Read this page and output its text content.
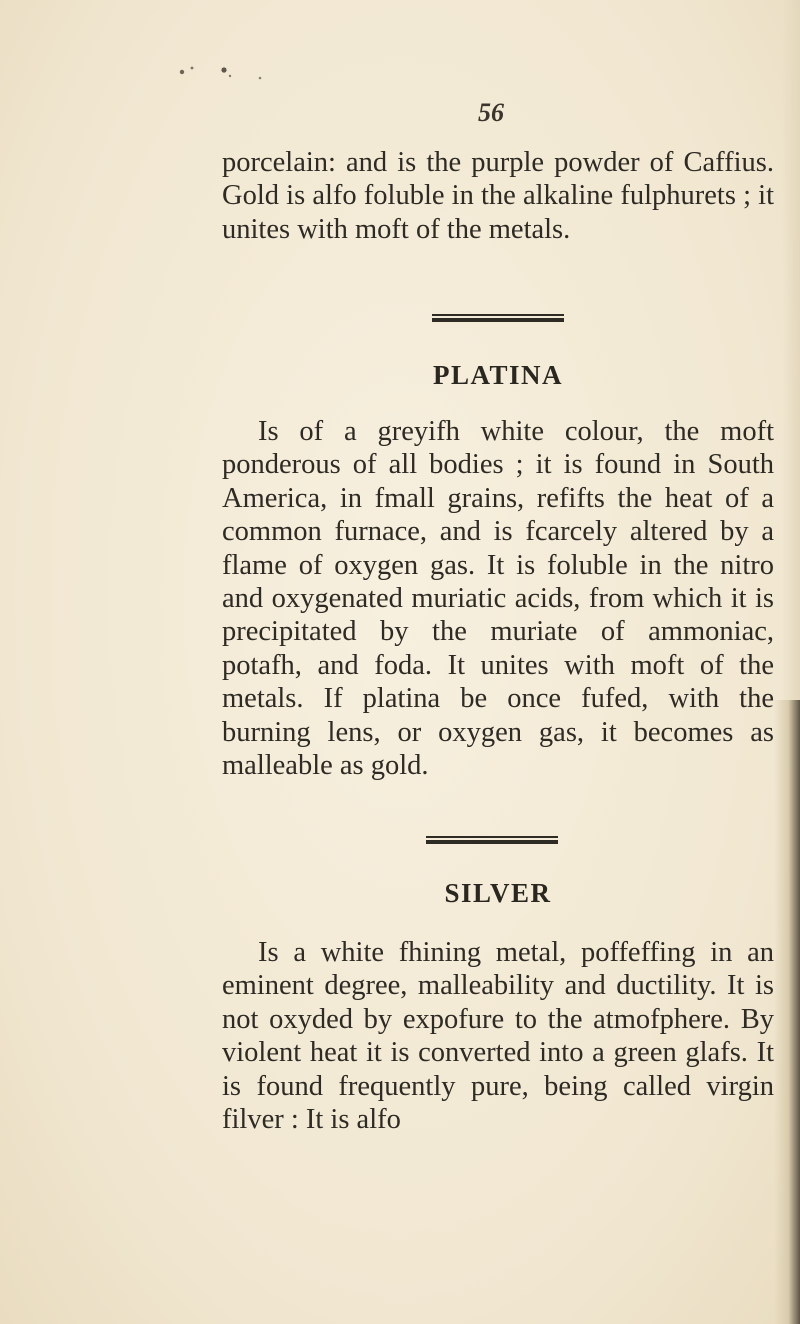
56

porcelain: and is the purple powder of Caffius. Gold is alfo foluble in the alkaline fulphurets ; it unites with moft of the metals.

PLATINA

Is of a greyifh white colour, the moft ponderous of all bodies ; it is found in South America, in fmall grains, refifts the heat of a common furnace, and is fcarcely altered by a flame of oxygen gas. It is foluble in the nitro and oxygenated muriatic acids, from which it is precipitated by the muriate of ammoniac, potafh, and foda. It unites with moft of the metals. If platina be once fufed, with the burning lens, or oxygen gas, it becomes as malleable as gold.

SILVER

Is a white fhining metal, poffeffing in an eminent degree, malleability and ductility. It is not oxyded by expofure to the atmofphere. By violent heat it is converted into a green glafs. It is found frequently pure, being called virgin filver : It is alfo
